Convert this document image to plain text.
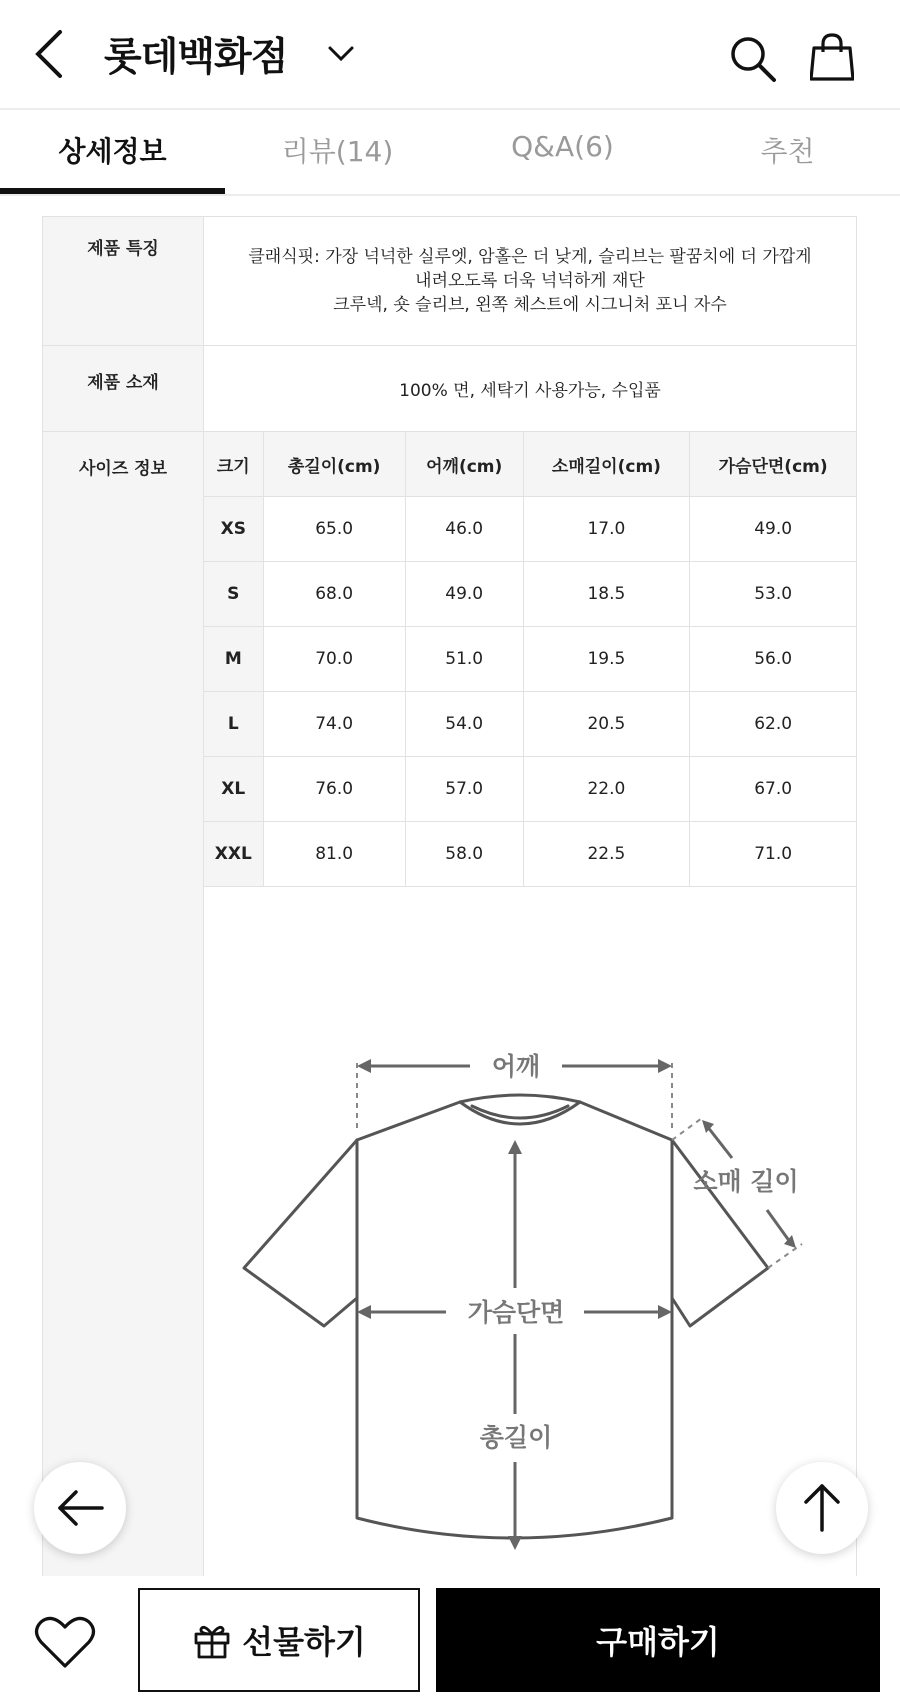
롯데백화점
상세정보	리뷰(14)	Q&A(6)	추천
제품 특징	클래식핏: 가장 넉넉한 실루엣, 암홀은 더 낮게, 슬리브는 팔꿈치에 더 가깝게
내려오도록 더욱 넉넉하게 재단
크루넥, 숏 슬리브, 왼쪽 체스트에 시그니처 포니 자수				

제품 소재	100% 면, 세탁기 사용가능, 수입품				
사이즈 정보	크기	총길이(cm)	어깨(cm)	소매길이(cm)	가슴단면(cm)
	XS	65.0	46.0	17.0	49.0
	S	68.0	49.0	18.5	53.0
	M	70.0	51.0	19.5	56.0
	L	74.0	54.0	20.5	62.0
	XL	76.0	57.0	22.0	67.0
	XXL	81.0	58.0	22.5	71.0

어깨
소매 길이
가슴단면
총길이
선물하기	구매하기
